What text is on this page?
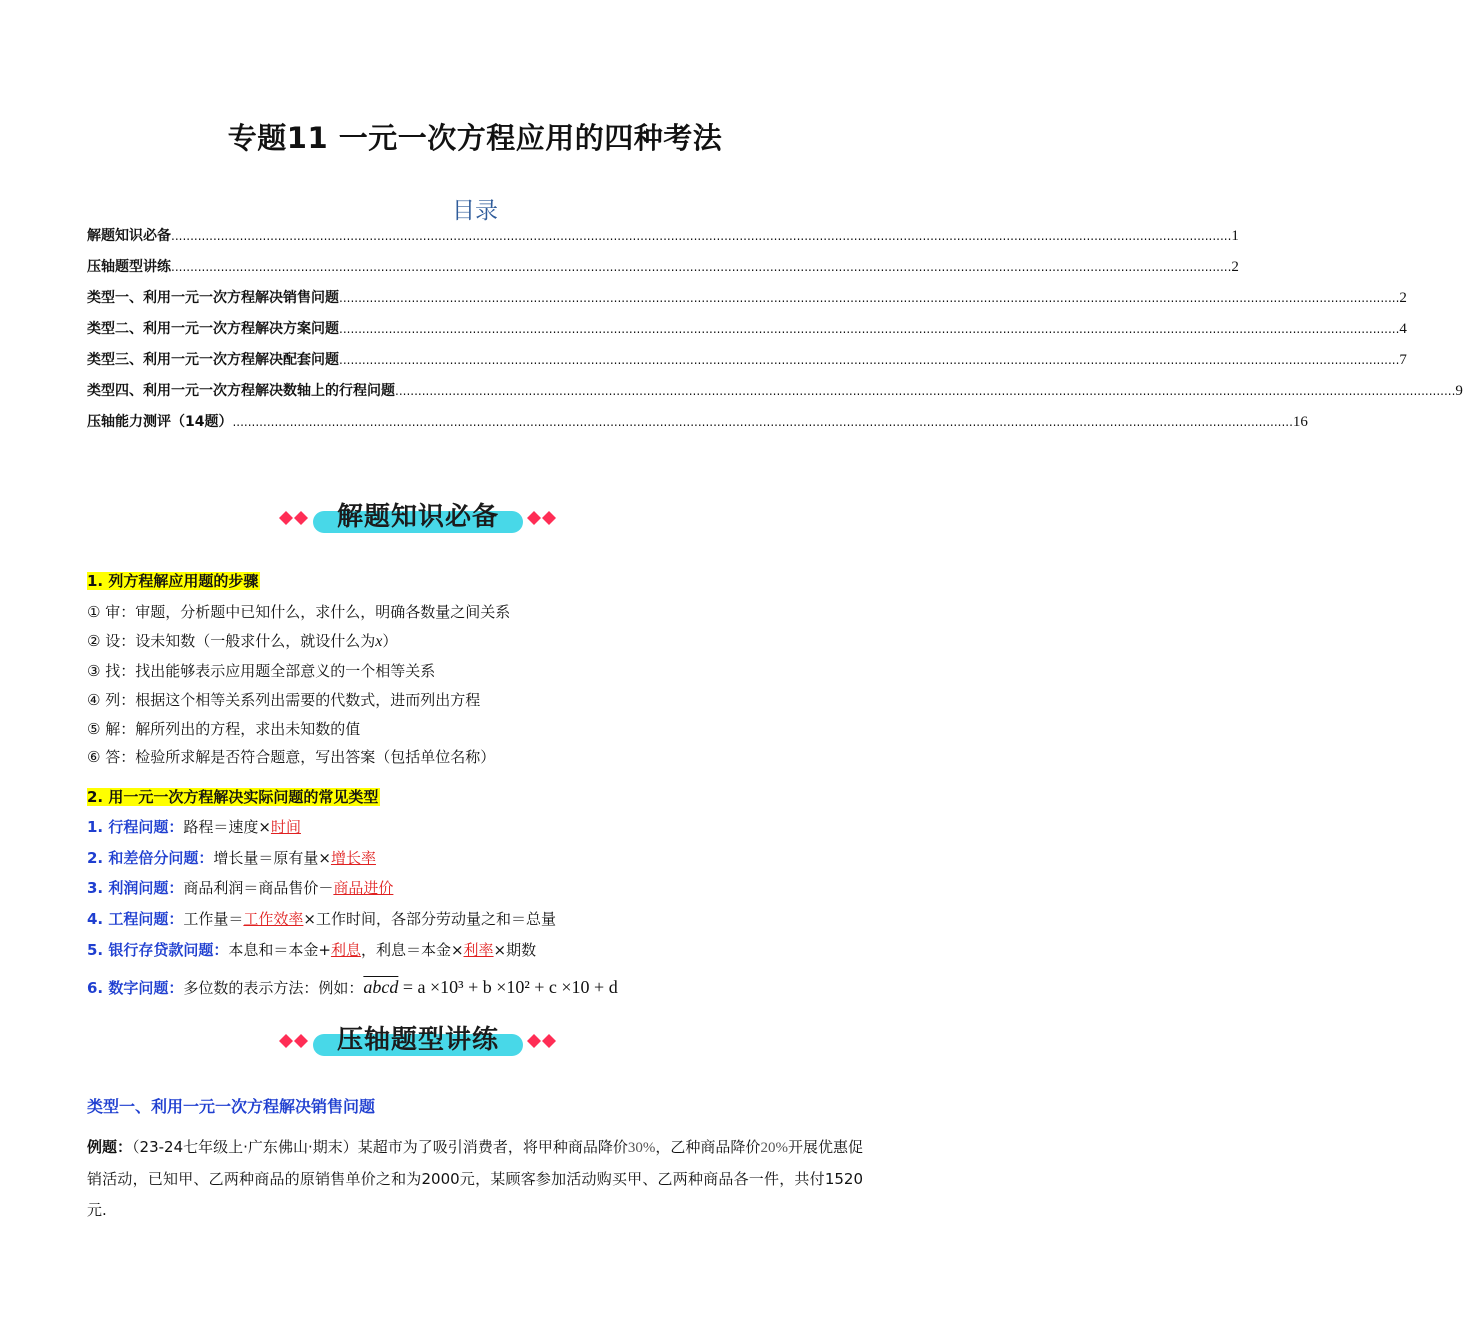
专题11 一元一次方程应用的四种考法
目录
解题知识必备 ...................................................................................................................................................................................................................................................................................... 1
压轴题型讲练 ...................................................................................................................................................................................................................................................................................... 2
类型一、利用一元一次方程解决销售问题 ...................................................................................................................................................................................................................................................................................... 2
类型二、利用一元一次方程解决方案问题 ...................................................................................................................................................................................................................................................................................... 4
类型三、利用一元一次方程解决配套问题 ...................................................................................................................................................................................................................................................................................... 7
类型四、利用一元一次方程解决数轴上的行程问题 ...................................................................................................................................................................................................................................................................................... 9
压轴能力测评（14题） ...................................................................................................................................................................................................................................................................................... 16
解题知识必备
1. 列方程解应用题的步骤
① 审：审题，分析题中已知什么，求什么，明确各数量之间关系
② 设：设未知数（一般求什么，就设什么为x）
③ 找：找出能够表示应用题全部意义的一个相等关系
④ 列：根据这个相等关系列出需要的代数式，进而列出方程
⑤ 解：解所列出的方程，求出未知数的值
⑥ 答：检验所求解是否符合题意，写出答案（包括单位名称）
2. 用一元一次方程解决实际问题的常见类型
1. 行程问题：路程＝速度×时间
2. 和差倍分问题：增长量＝原有量×增长率
3. 利润问题：商品利润＝商品售价－商品进价
4. 工程问题：工作量＝工作效率×工作时间，各部分劳动量之和＝总量
5. 银行存贷款问题：本息和＝本金+利息，利息＝本金×利率×期数
6. 数字问题：多位数的表示方法：例如：abcd = a ×10³ + b ×10² + c ×10 + d
压轴题型讲练
类型一、利用一元一次方程解决销售问题
例题：（23-24七年级上·广东佛山·期末）某超市为了吸引消费者，将甲种商品降价30%，乙种商品降价20%开展优惠促销活动，已知甲、乙两种商品的原销售单价之和为2000元，某顾客参加活动购买甲、乙两种商品各一件，共付1520元.
